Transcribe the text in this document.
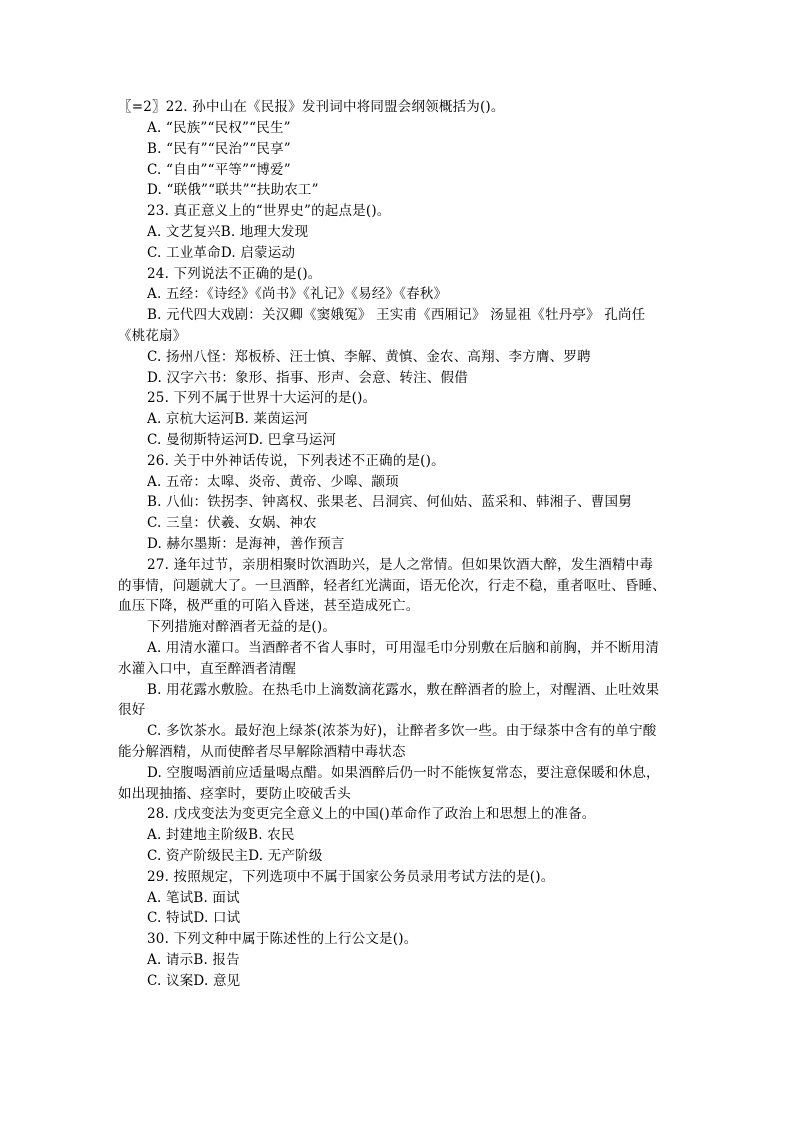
〖=2〗22. 孙中山在《民报》发刊词中将同盟会纲领概括为()。
A. “民族”“民权”“民生”
B. “民有”“民治”“民享”
C. “自由”“平等”“博爱”
D. “联俄”“联共”“扶助农工”
23. 真正意义上的“世界史”的起点是()。
A. 文艺复兴B. 地理大发现
C. 工业革命D. 启蒙运动
24. 下列说法不正确的是()。
A. 五经：《诗经》《尚书》《礼记》《易经》《春秋》
B. 元代四大戏剧：关汉卿《窦娥冤》 王实甫《西厢记》 汤显祖《牡丹亭》 孔尚任
《桃花扇》
C. 扬州八怪：郑板桥、汪士慎、李解、黄慎、金农、高翔、李方膺、罗聘
D. 汉字六书：象形、指事、形声、会意、转注、假借
25. 下列不属于世界十大运河的是()。
A. 京杭大运河B. 莱茵运河
C. 曼彻斯特运河D. 巴拿马运河
26. 关于中外神话传说，下列表述不正确的是()。
A. 五帝：太嗥、炎帝、黄帝、少嗥、颛顼
B. 八仙：铁拐李、钟离权、张果老、吕洞宾、何仙姑、蓝采和、韩湘子、曹国舅
C. 三皇：伏羲、女娲、神农
D. 赫尔墨斯：是海神，善作预言
27. 逢年过节，亲朋相聚时饮酒助兴，是人之常情。但如果饮酒大醉，发生酒精中毒
的事情，问题就大了。一旦酒醉，轻者红光满面，语无伦次，行走不稳，重者呕吐、昏睡、
血压下降，极严重的可陷入昏迷，甚至造成死亡。
下列措施对醉酒者无益的是()。
A. 用清水灌口。当酒醉者不省人事时，可用湿毛巾分别敷在后脑和前胸，并不断用清
水灌入口中，直至醉酒者清醒
B. 用花露水敷脸。在热毛巾上滴数滴花露水，敷在醉酒者的脸上，对醒酒、止吐效果
很好
C. 多饮茶水。最好泡上绿茶(浓茶为好)，让醉者多饮一些。由于绿茶中含有的单宁酸
能分解酒精，从而使醉者尽早解除酒精中毒状态
D. 空腹喝酒前应适量喝点醋。如果酒醉后仍一时不能恢复常态，要注意保暖和休息，
如出现抽搐、痉挛时，要防止咬破舌头
28. 戊戌变法为变更完全意义上的中国()革命作了政治上和思想上的准备。
A. 封建地主阶级B. 农民
C. 资产阶级民主D. 无产阶级
29. 按照规定，下列选项中不属于国家公务员录用考试方法的是()。
A. 笔试B. 面试
C. 特试D. 口试
30. 下列文种中属于陈述性的上行公文是()。
A. 请示B. 报告
C. 议案D. 意见
